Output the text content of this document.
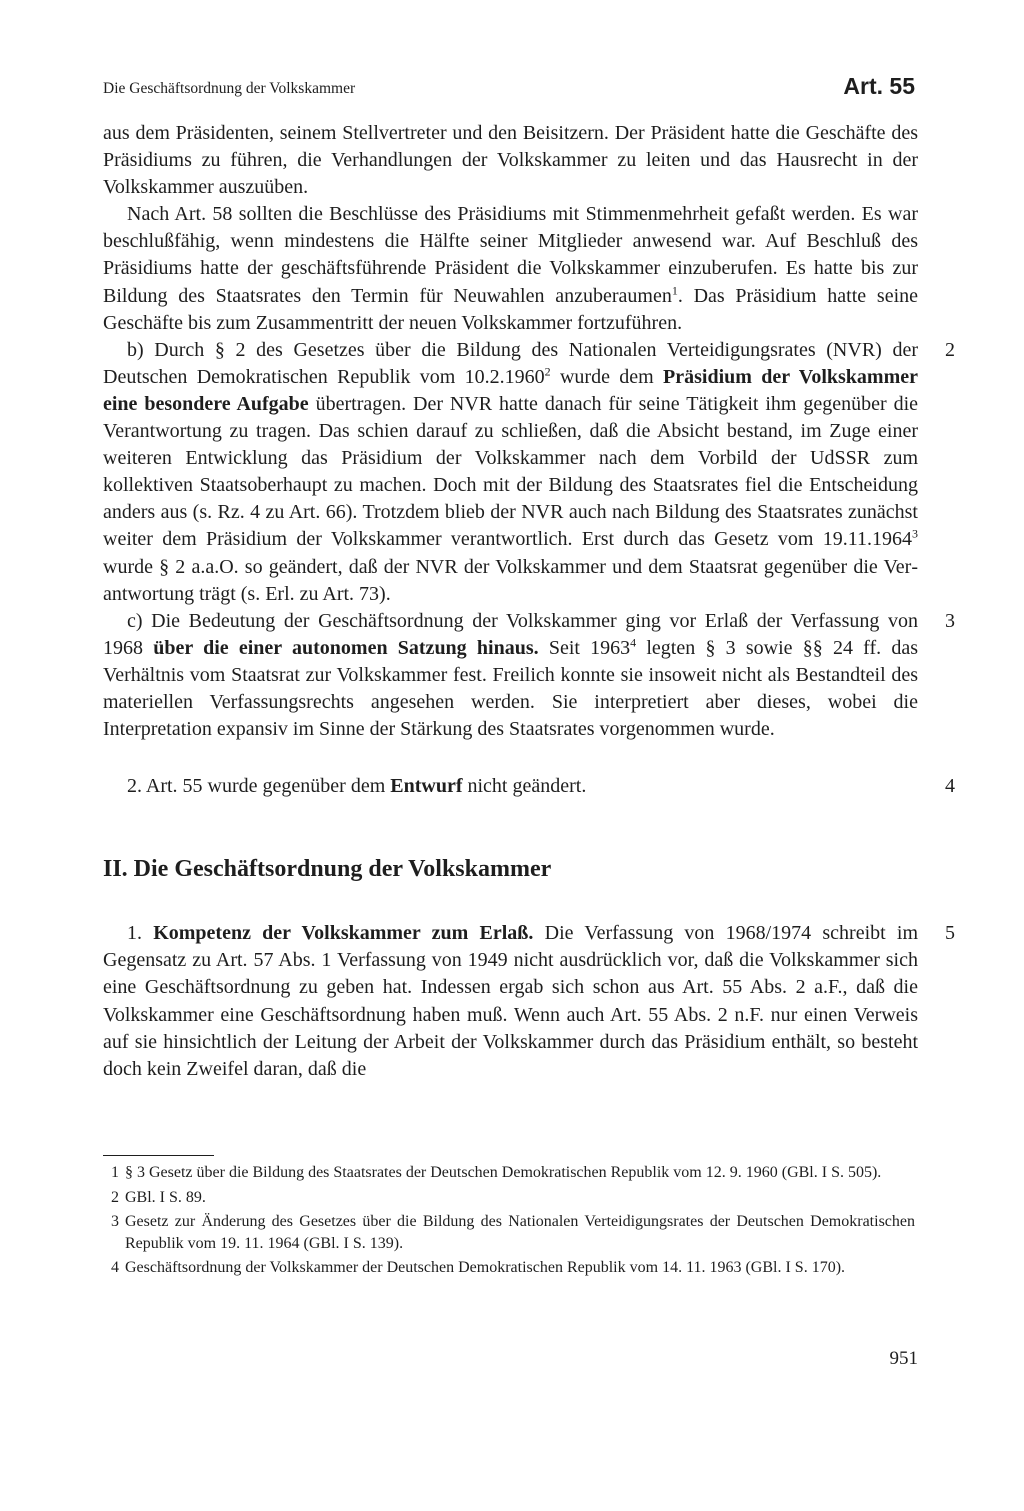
Die Geschäftsordnung der Volkskammer	Art. 55

aus dem Präsidenten, seinem Stellvertreter und den Beisitzern. Der Präsident hatte die Geschäfte des Präsidiums zu führen, die Verhandlungen der Volkskammer zu leiten und das Hausrecht in der Volkskammer auszuüben.

Nach Art. 58 sollten die Beschlüsse des Präsidiums mit Stimmenmehrheit gefaßt werden. Es war beschlußfähig, wenn mindestens die Hälfte seiner Mitglieder anwesend war. Auf Beschluß des Präsidiums hatte der geschäftsführende Präsident die Volkskammer einzuberufen. Es hatte bis zur Bildung des Staatsrates den Termin für Neuwahlen anzuberaumen$^1$. Das Präsidium hatte seine Geschäfte bis zum Zusammentritt der neuen Volkskammer fortzuführen.

2
b) Durch § 2 des Gesetzes über die Bildung des Nationalen Verteidigungsrates (NVR) der Deutschen Demokratischen Republik vom 10.2.1960$^2$ wurde dem Präsidium der Volkskammer eine besondere Aufgabe übertragen. Der NVR hatte danach für seine Tätigkeit ihm gegenüber die Verantwortung zu tragen. Das schien darauf zu schließen, daß die Absicht bestand, im Zuge einer weiteren Entwicklung das Präsidium der Volkskammer nach dem Vorbild der UdSSR zum kollektiven Staatsoberhaupt zu machen. Doch mit der Bildung des Staatsrates fiel die Entscheidung anders aus (s. Rz. 4 zu Art. 66). Trotzdem blieb der NVR auch nach Bildung des Staatsrates zunächst weiter dem Präsidium der Volkskammer verantwortlich. Erst durch das Gesetz vom 19.11.1964$^3$ wurde § 2 a.a.O. so geändert, daß der NVR der Volkskammer und dem Staatsrat gegenüber die Verantwortung trägt (s. Erl. zu Art. 73).

3
c) Die Bedeutung der Geschäftsordnung der Volkskammer ging vor Erlaß der Verfassung von 1968 über die einer autonomen Satzung hinaus. Seit 1963$^4$ legten § 3 sowie §§ 24 ff. das Verhältnis vom Staatsrat zur Volkskammer fest. Freilich konnte sie insoweit nicht als Bestandteil des materiellen Verfassungsrechts angesehen werden. Sie interpretiert aber dieses, wobei die Interpretation expansiv im Sinne der Stärkung des Staatsrates vorgenommen wurde.

4
2. Art. 55 wurde gegenüber dem Entwurf nicht geändert.

II. Die Geschäftsordnung der Volkskammer

5
1. Kompetenz der Volkskammer zum Erlaß. Die Verfassung von 1968/1974 schreibt im Gegensatz zu Art. 57 Abs. 1 Verfassung von 1949 nicht ausdrücklich vor, daß die Volkskammer sich eine Geschäftsordnung zu geben hat. Indessen ergab sich schon aus Art. 55 Abs. 2 a.F., daß die Volkskammer eine Geschäftsordnung haben muß. Wenn auch Art. 55 Abs. 2 n.F. nur einen Verweis auf sie hinsichtlich der Leitung der Arbeit der Volkskammer durch das Präsidium enthält, so besteht doch kein Zweifel daran, daß die

1 § 3 Gesetz über die Bildung des Staatsrates der Deutschen Demokratischen Republik vom 12. 9. 1960 (GBl. I S. 505).
2 GBl. I S. 89.
3 Gesetz zur Änderung des Gesetzes über die Bildung des Nationalen Verteidigungsrates der Deutschen Demokratischen Republik vom 19. 11. 1964 (GBl. I S. 139).
4 Geschäftsordnung der Volkskammer der Deutschen Demokratischen Republik vom 14. 11. 1963 (GBl. I S. 170).
951
